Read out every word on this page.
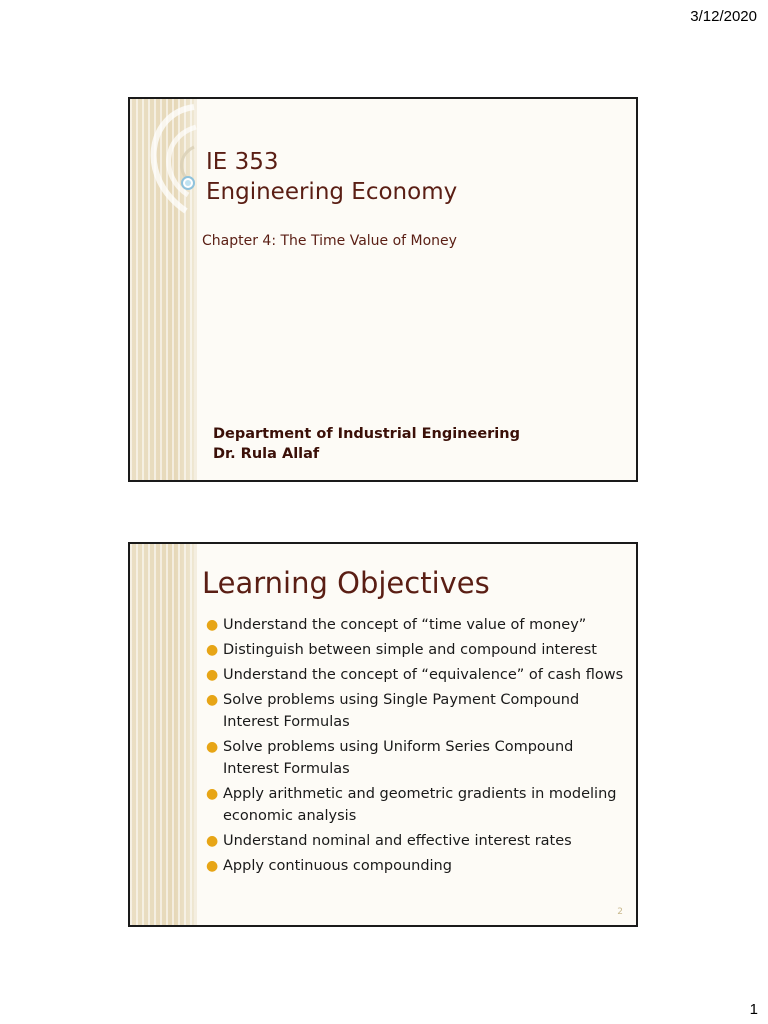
3/12/2020
IE 353
Engineering Economy
Chapter 4: The Time Value of Money
Department of Industrial Engineering
Dr. Rula Allaf
Learning Objectives
● Understand the concept of “time value of money”
● Distinguish between simple and compound interest
● Understand the concept of “equivalence” of cash flows
● Solve problems using Single Payment Compound Interest Formulas
● Solve problems using Uniform Series Compound Interest Formulas
● Apply arithmetic and geometric gradients in modeling economic analysis
● Understand nominal and effective interest rates
● Apply continuous compounding
2
1
